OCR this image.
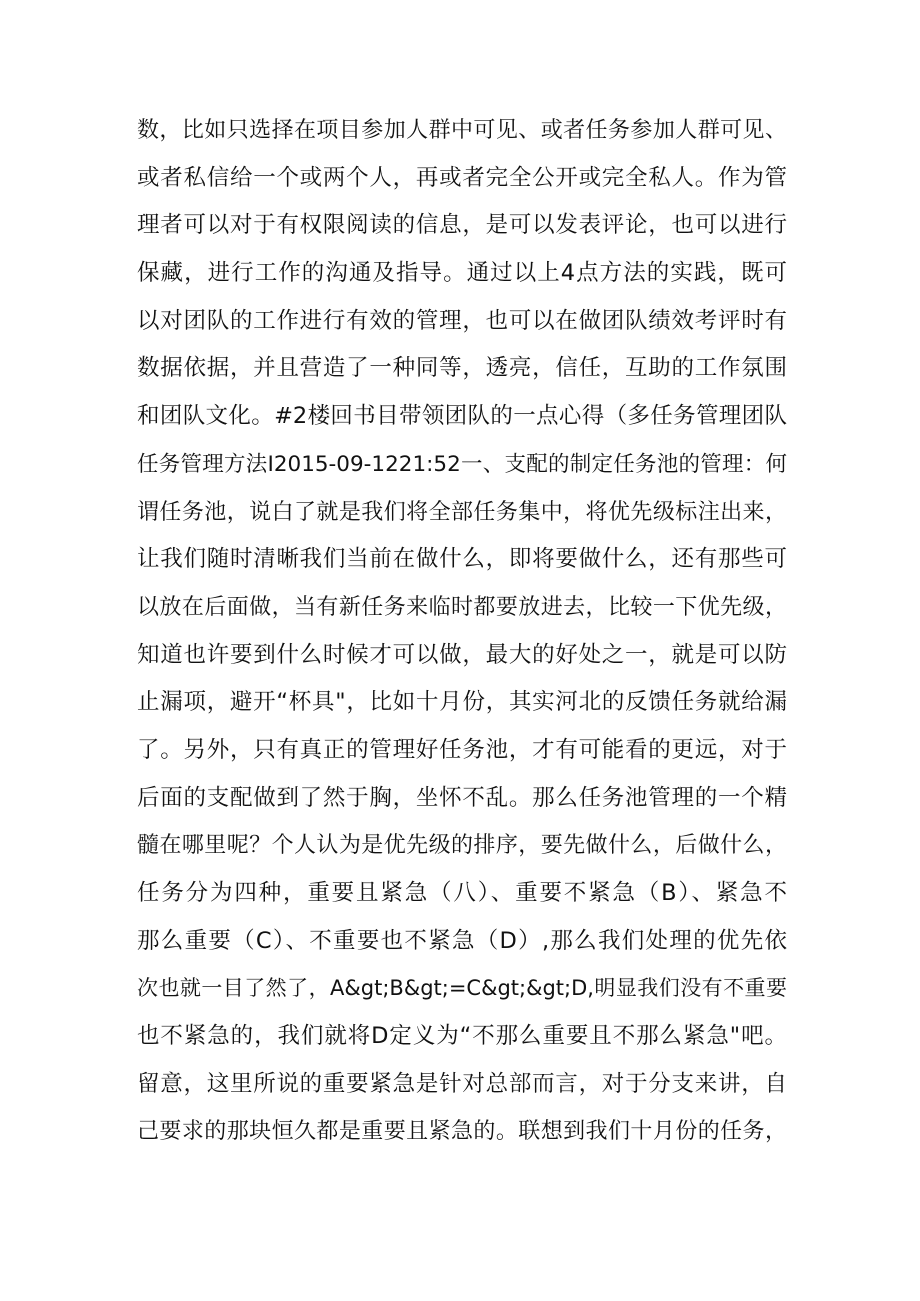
数，比如只选择在项目参加人群中可见、或者任务参加人群可见、
或者私信给一个或两个人，再或者完全公开或完全私人。作为管
理者可以对于有权限阅读的信息，是可以发表评论，也可以进行
保藏，进行工作的沟通及指导。通过以上4点方法的实践，既可
以对团队的工作进行有效的管理，也可以在做团队绩效考评时有
数据依据，并且营造了一种同等，透亮，信任，互助的工作氛围
和团队文化。#2楼回书目带领团队的一点心得（多任务管理团队
任务管理方法I2015-09-1221:52一、支配的制定任务池的管理：何
谓任务池，说白了就是我们将全部任务集中，将优先级标注出来，
让我们随时清晰我们当前在做什么，即将要做什么，还有那些可
以放在后面做，当有新任务来临时都要放进去，比较一下优先级，
知道也许要到什么时候才可以做，最大的好处之一，就是可以防
止漏项，避开“杯具"，比如十月份，其实河北的反馈任务就给漏
了。另外，只有真正的管理好任务池，才有可能看的更远，对于
后面的支配做到了然于胸，坐怀不乱。那么任务池管理的一个精
髓在哪里呢？个人认为是优先级的排序，要先做什么，后做什么，
任务分为四种，重要且紧急（八）、重要不紧急（B）、紧急不
那么重要（C）、不重要也不紧急（D）,那么我们处理的优先依
次也就一目了然了，A&gt;B&gt;=C&gt;&gt;D,明显我们没有不重要
也不紧急的，我们就将D定义为“不那么重要且不那么紧急"吧。
留意，这里所说的重要紧急是针对总部而言，对于分支来讲，自
己要求的那块恒久都是重要且紧急的。联想到我们十月份的任务，
